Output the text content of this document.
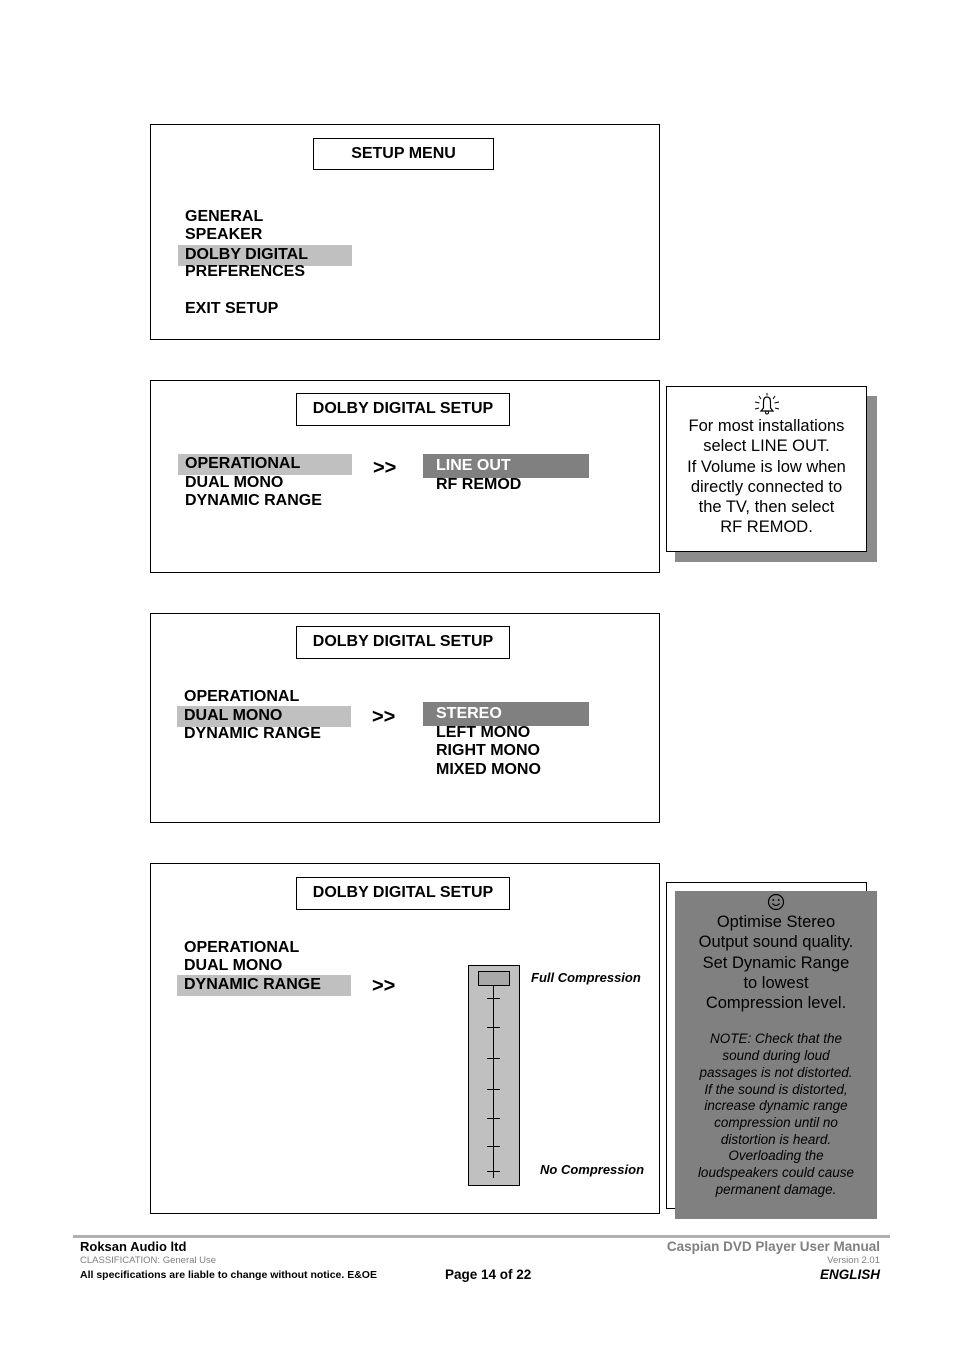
SETUP MENU
GENERAL
SPEAKER
DOLBY DIGITAL
PREFERENCES
EXIT SETUP
DOLBY DIGITAL SETUP
OPERATIONAL
DUAL MONO
DYNAMIC RANGE
>>	LINE OUT
RF REMOD
For most installations
select LINE OUT.
If Volume is low when
directly connected to
the TV, then select
RF REMOD.
DOLBY DIGITAL SETUP
OPERATIONAL
DUAL MONO
DYNAMIC RANGE
>>	STEREO
LEFT MONO
RIGHT MONO
MIXED MONO
DOLBY DIGITAL SETUP
OPERATIONAL
DUAL MONO
DYNAMIC RANGE	>>	Full Compression
No Compression
Optimise Stereo
Output sound quality.
Set Dynamic Range
to lowest
Compression level.
NOTE: Check that the
sound during loud
passages is not distorted.
If the sound is distorted,
increase dynamic range
compression until no
distortion is heard.
Overloading the
loudspeakers could cause
permanent damage.
Roksan Audio ltd
CLASSIFICATION: General Use
All specifications are liable to change without notice. E&OE	Page 14 of 22
Caspian DVD Player User Manual
Version 2.01
ENGLISH
